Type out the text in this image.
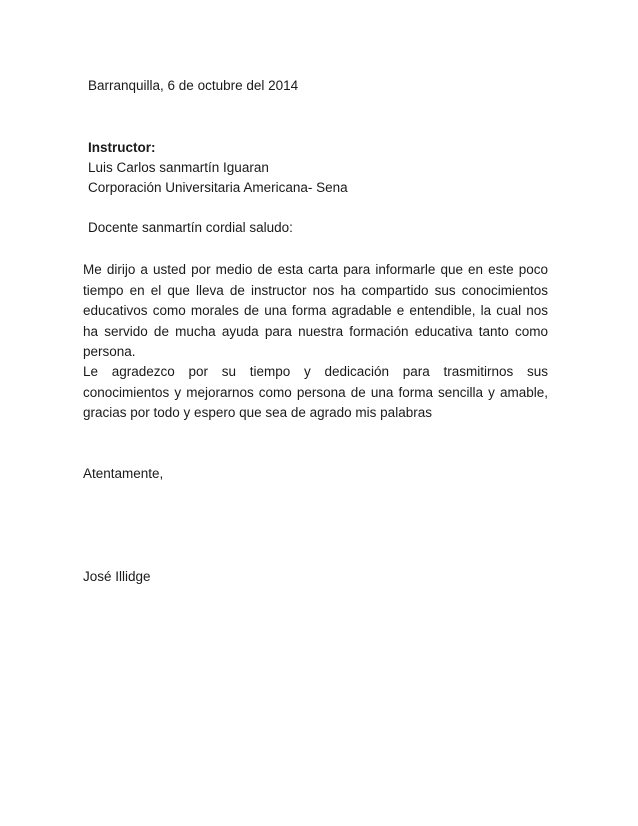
Barranquilla, 6 de octubre del 2014
Instructor:
Luis Carlos sanmartín Iguaran
Corporación Universitaria Americana- Sena
Docente sanmartín cordial saludo:
Me dirijo a usted por medio de esta carta para informarle que en este poco tiempo en el que lleva de instructor nos ha compartido sus conocimientos educativos como morales de una forma agradable e entendible, la cual nos ha servido de mucha ayuda para nuestra formación educativa tanto como persona.
Le agradezco por su tiempo y dedicación para trasmitirnos sus conocimientos y mejorarnos como persona de una forma sencilla y amable, gracias por todo y espero que sea de agrado mis palabras
Atentamente,
José Illidge
